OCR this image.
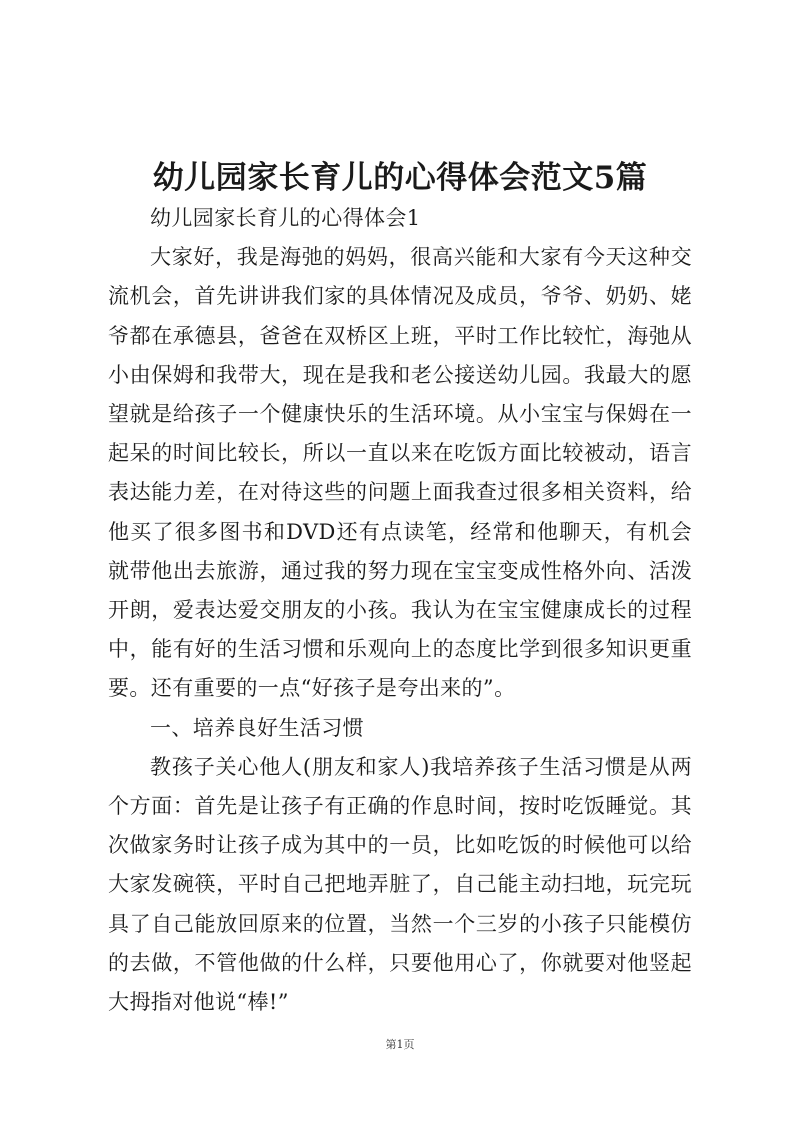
幼儿园家长育儿的心得体会范文5篇

幼儿园家长育儿的心得体会1

大家好，我是海弛的妈妈，很高兴能和大家有今天这种交流机会，首先讲讲我们家的具体情况及成员，爷爷、奶奶、姥爷都在承德县，爸爸在双桥区上班，平时工作比较忙，海弛从小由保姆和我带大，现在是我和老公接送幼儿园。我最大的愿望就是给孩子一个健康快乐的生活环境。从小宝宝与保姆在一起呆的时间比较长，所以一直以来在吃饭方面比较被动，语言表达能力差，在对待这些的问题上面我查过很多相关资料，给他买了很多图书和DVD还有点读笔，经常和他聊天，有机会就带他出去旅游，通过我的努力现在宝宝变成性格外向、活泼开朗，爱表达爱交朋友的小孩。我认为在宝宝健康成长的过程中，能有好的生活习惯和乐观向上的态度比学到很多知识更重要。还有重要的一点“好孩子是夸出来的”。

一、培养良好生活习惯

教孩子关心他人(朋友和家人)我培养孩子生活习惯是从两个方面：首先是让孩子有正确的作息时间，按时吃饭睡觉。其次做家务时让孩子成为其中的一员，比如吃饭的时候他可以给大家发碗筷，平时自己把地弄脏了，自己能主动扫地，玩完玩具了自己能放回原来的位置，当然一个三岁的小孩子只能模仿的去做，不管他做的什么样，只要他用心了，你就要对他竖起大拇指对他说“棒!”

第1页
